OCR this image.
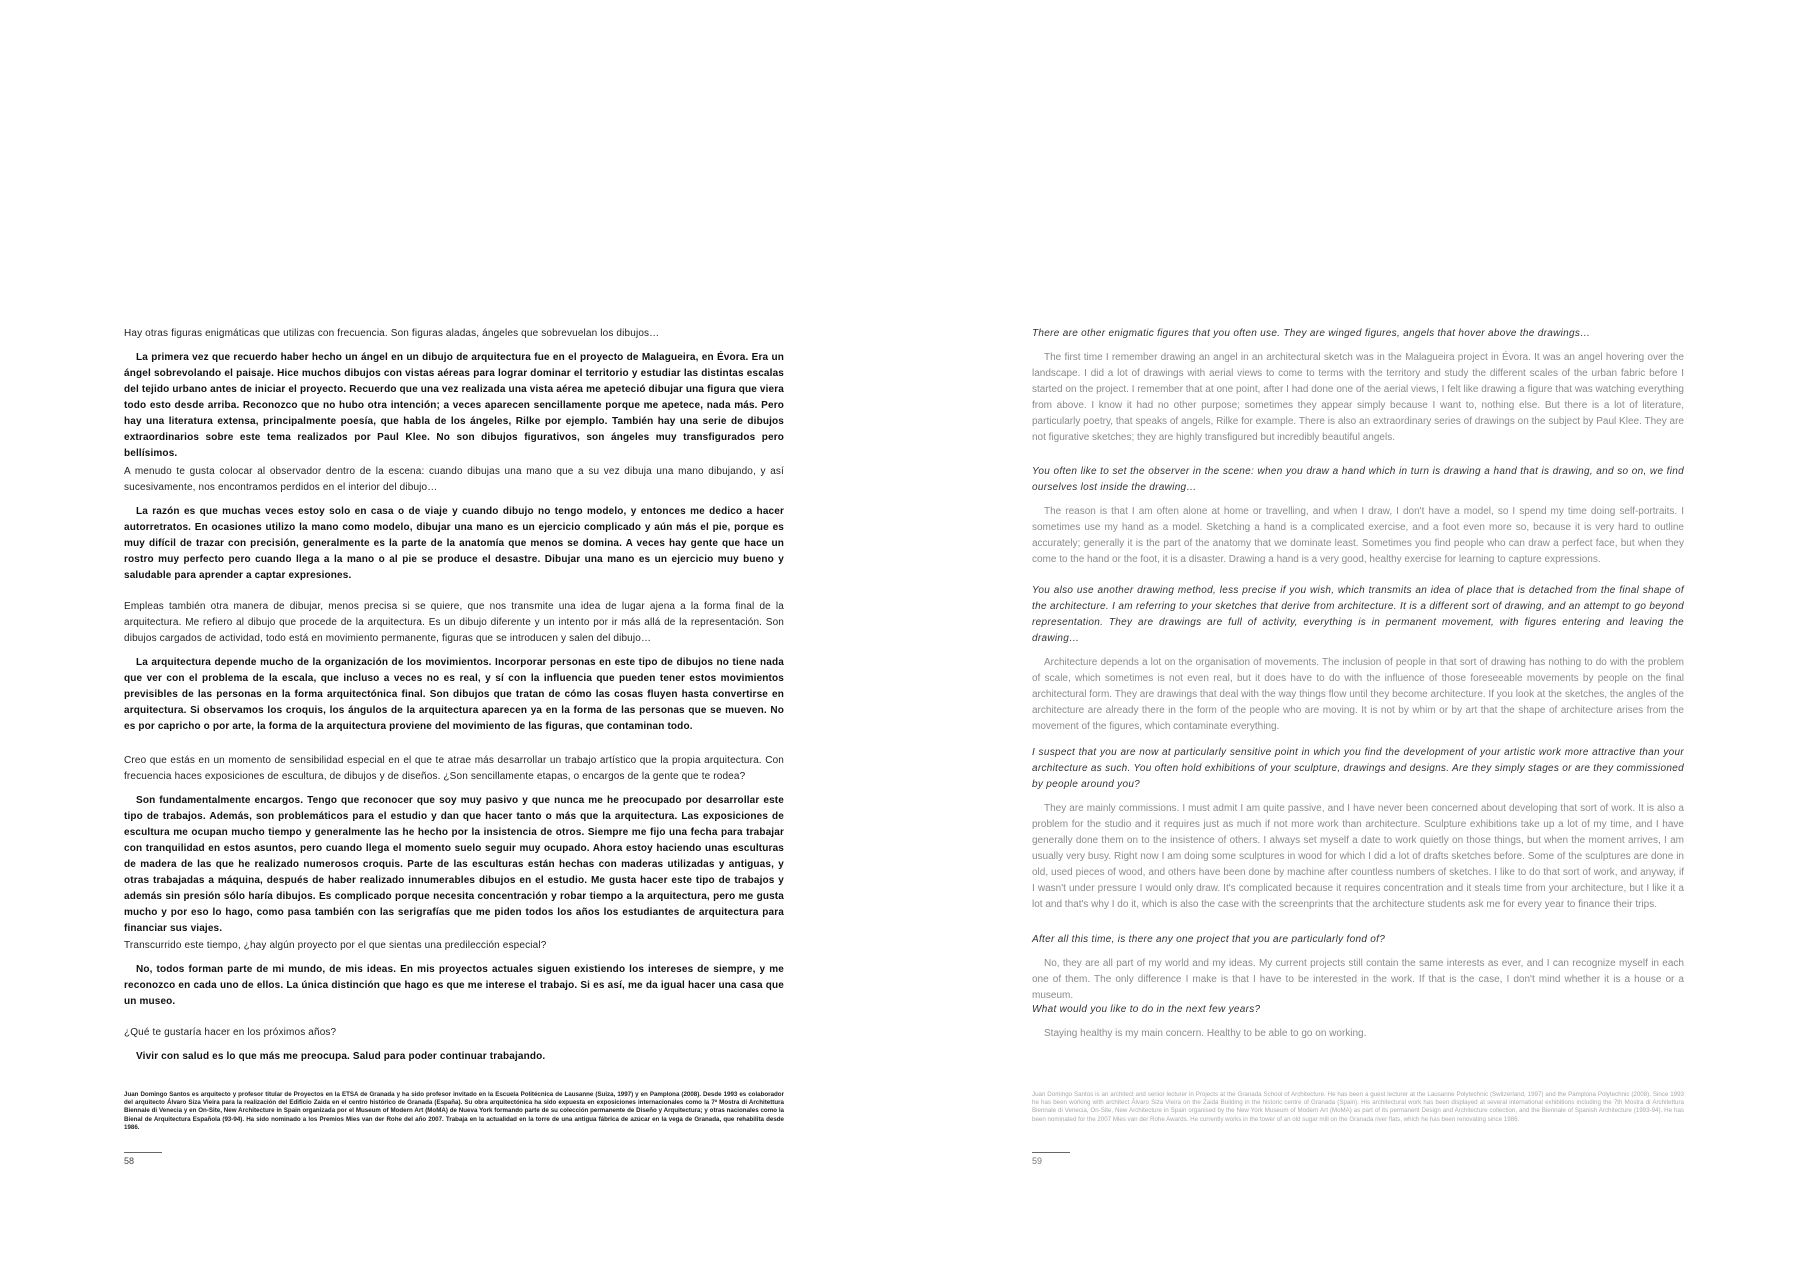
Hay otras figuras enigmáticas que utilizas con frecuencia. Son figuras aladas, ángeles que sobrevuelan los dibujos…

La primera vez que recuerdo haber hecho un ángel en un dibujo de arquitectura fue en el proyecto de Malagueira, en Évora. Era un ángel sobrevolando el paisaje. Hice muchos dibujos con vistas aéreas para lograr dominar el territorio y estudiar las distintas escalas del tejido urbano antes de iniciar el proyecto. Recuerdo que una vez realizada una vista aérea me apeteció dibujar una figura que viera todo esto desde arriba. Reconozco que no hubo otra intención; a veces aparecen sencillamente porque me apetece, nada más. Pero hay una literatura extensa, principalmente poesía, que habla de los ángeles, Rilke por ejemplo. También hay una serie de dibujos extraordinarios sobre este tema realizados por Paul Klee. No son dibujos figurativos, son ángeles muy transfigurados pero bellísimos.

A menudo te gusta colocar al observador dentro de la escena: cuando dibujas una mano que a su vez dibuja una mano dibujando, y así sucesivamente, nos encontramos perdidos en el interior del dibujo…

La razón es que muchas veces estoy solo en casa o de viaje y cuando dibujo no tengo modelo, y entonces me dedico a hacer autorretratos. En ocasiones utilizo la mano como modelo, dibujar una mano es un ejercicio complicado y aún más el pie, porque es muy difícil de trazar con precisión, generalmente es la parte de la anatomía que menos se domina. A veces hay gente que hace un rostro muy perfecto pero cuando llega a la mano o al pie se produce el desastre. Dibujar una mano es un ejercicio muy bueno y saludable para aprender a captar expresiones.

Empleas también otra manera de dibujar, menos precisa si se quiere, que nos transmite una idea de lugar ajena a la forma final de la arquitectura. Me refiero al dibujo que procede de la arquitectura. Es un dibujo diferente y un intento por ir más allá de la representación. Son dibujos cargados de actividad, todo está en movimiento permanente, figuras que se introducen y salen del dibujo…

La arquitectura depende mucho de la organización de los movimientos. Incorporar personas en este tipo de dibujos no tiene nada que ver con el problema de la escala, que incluso a veces no es real, y sí con la influencia que pueden tener estos movimientos previsibles de las personas en la forma arquitectónica final. Son dibujos que tratan de cómo las cosas fluyen hasta convertirse en arquitectura. Si observamos los croquis, los ángulos de la arquitectura aparecen ya en la forma de las personas que se mueven. No es por capricho o por arte, la forma de la arquitectura proviene del movimiento de las figuras, que contaminan todo.

Creo que estás en un momento de sensibilidad especial en el que te atrae más desarrollar un trabajo artístico que la propia arquitectura. Con frecuencia haces exposiciones de escultura, de dibujos y de diseños. ¿Son sencillamente etapas, o encargos de la gente que te rodea?

Son fundamentalmente encargos. Tengo que reconocer que soy muy pasivo y que nunca me he preocupado por desarrollar este tipo de trabajos. Además, son problemáticos para el estudio y dan que hacer tanto o más que la arquitectura. Las exposiciones de escultura me ocupan mucho tiempo y generalmente las he hecho por la insistencia de otros. Siempre me fijo una fecha para trabajar con tranquilidad en estos asuntos, pero cuando llega el momento suelo seguir muy ocupado. Ahora estoy haciendo unas esculturas de madera de las que he realizado numerosos croquis. Parte de las esculturas están hechas con maderas utilizadas y antiguas, y otras trabajadas a máquina, después de haber realizado innumerables dibujos en el estudio. Me gusta hacer este tipo de trabajos y además sin presión sólo haría dibujos. Es complicado porque necesita concentración y robar tiempo a la arquitectura, pero me gusta mucho y por eso lo hago, como pasa también con las serigrafías que me piden todos los años los estudiantes de arquitectura para financiar sus viajes.

Transcurrido este tiempo, ¿hay algún proyecto por el que sientas una predilección especial?

No, todos forman parte de mi mundo, de mis ideas. En mis proyectos actuales siguen existiendo los intereses de siempre, y me reconozco en cada uno de ellos. La única distinción que hago es que me interese el trabajo. Si es así, me da igual hacer una casa que un museo.

¿Qué te gustaría hacer en los próximos años?

Vivir con salud es lo que más me preocupa. Salud para poder continuar trabajando.

Juan Domingo Santos es arquitecto y profesor titular de Proyectos en la ETSA de Granada y ha sido profesor invitado en la Escuela Politécnica de Lausanne (Suiza, 1997) y en Pamplona (2008). Desde 1993 es colaborador del arquitecto Álvaro Siza Vieira para la realización del Edificio Zaida en el centro histórico de Granada (España). Su obra arquitectónica ha sido expuesta en exposiciones internacionales como la 7ª Mostra di Architettura Biennale di Venecia y en On-Site, New Architecture in Spain organizada por el Museum of Modern Art (MoMA) de Nueva York formando parte de su colección permanente de Diseño y Arquitectura; y otras nacionales como la Bienal de Arquitectura Española (93-94). Ha sido nominado a los Premios Mies van der Rohe del año 2007. Trabaja en la actualidad en la torre de una antigua fábrica de azúcar en la vega de Granada, que rehabilita desde 1986.

58

There are other enigmatic figures that you often use. They are winged figures, angels that hover above the drawings…

The first time I remember drawing an angel in an architectural sketch was in the Malagueira project in Évora. It was an angel hovering over the landscape. I did a lot of drawings with aerial views to come to terms with the territory and study the different scales of the urban fabric before I started on the project. I remember that at one point, after I had done one of the aerial views, I felt like drawing a figure that was watching everything from above. I know it had no other purpose; sometimes they appear simply because I want to, nothing else. But there is a lot of literature, particularly poetry, that speaks of angels, Rilke for example. There is also an extraordinary series of drawings on the subject by Paul Klee. They are not figurative sketches; they are highly transfigured but incredibly beautiful angels.

You often like to set the observer in the scene: when you draw a hand which in turn is drawing a hand that is drawing, and so on, we find ourselves lost inside the drawing…

The reason is that I am often alone at home or travelling, and when I draw, I don't have a model, so I spend my time doing self-portraits. I sometimes use my hand as a model. Sketching a hand is a complicated exercise, and a foot even more so, because it is very hard to outline accurately; generally it is the part of the anatomy that we dominate least. Sometimes you find people who can draw a perfect face, but when they come to the hand or the foot, it is a disaster. Drawing a hand is a very good, healthy exercise for learning to capture expressions.

You also use another drawing method, less precise if you wish, which transmits an idea of place that is detached from the final shape of the architecture. I am referring to your sketches that derive from architecture. It is a different sort of drawing, and an attempt to go beyond representation. They are drawings are full of activity, everything is in permanent movement, with figures entering and leaving the drawing…

Architecture depends a lot on the organisation of movements. The inclusion of people in that sort of drawing has nothing to do with the problem of scale, which sometimes is not even real, but it does have to do with the influence of those foreseeable movements by people on the final architectural form. They are drawings that deal with the way things flow until they become architecture. If you look at the sketches, the angles of the architecture are already there in the form of the people who are moving. It is not by whim or by art that the shape of architecture arises from the movement of the figures, which contaminate everything.

I suspect that you are now at particularly sensitive point in which you find the development of your artistic work more attractive than your architecture as such. You often hold exhibitions of your sculpture, drawings and designs. Are they simply stages or are they commissioned by people around you?

They are mainly commissions. I must admit I am quite passive, and I have never been concerned about developing that sort of work. It is also a problem for the studio and it requires just as much if not more work than architecture. Sculpture exhibitions take up a lot of my time, and I have generally done them on to the insistence of others. I always set myself a date to work quietly on those things, but when the moment arrives, I am usually very busy. Right now I am doing some sculptures in wood for which I did a lot of drafts sketches before. Some of the sculptures are done in old, used pieces of wood, and others have been done by machine after countless numbers of sketches. I like to do that sort of work, and anyway, if I wasn't under pressure I would only draw. It's complicated because it requires concentration and it steals time from your architecture, but I like it a lot and that's why I do it, which is also the case with the screenprints that the architecture students ask me for every year to finance their trips.

After all this time, is there any one project that you are particularly fond of?

No, they are all part of my world and my ideas. My current projects still contain the same interests as ever, and I can recognize myself in each one of them. The only difference I make is that I have to be interested in the work. If that is the case, I don't mind whether it is a house or a museum.

What would you like to do in the next few years?

Staying healthy is my main concern. Healthy to be able to go on working.

Juan Domingo Santos is an architect and senior lecturer in Projects at the Granada School of Architecture. He has been a guest lecturer at the Lausanne Polytechnic (Switzerland, 1997) and the Pamplona Polytechnic (2008). Since 1993 he has been working with architect Álvaro Siza Vieira on the Zaida Building in the historic centre of Granada (Spain). His architectural work has been displayed at several international exhibitions including the 7th Mostra di Architettura Biennale di Venecia, On-Site, New Architecture in Spain organised by the New York Museum of Modern Art (MoMA) as part of its permanent Design and Architecture collection, and the Biennale of Spanish Architecture (1993-94). He has been nominated for the 2007 Mies van der Rohe Awards. He currently works in the tower of an old sugar mill on the Granada river flats, which he has been renovating since 1986.

59
